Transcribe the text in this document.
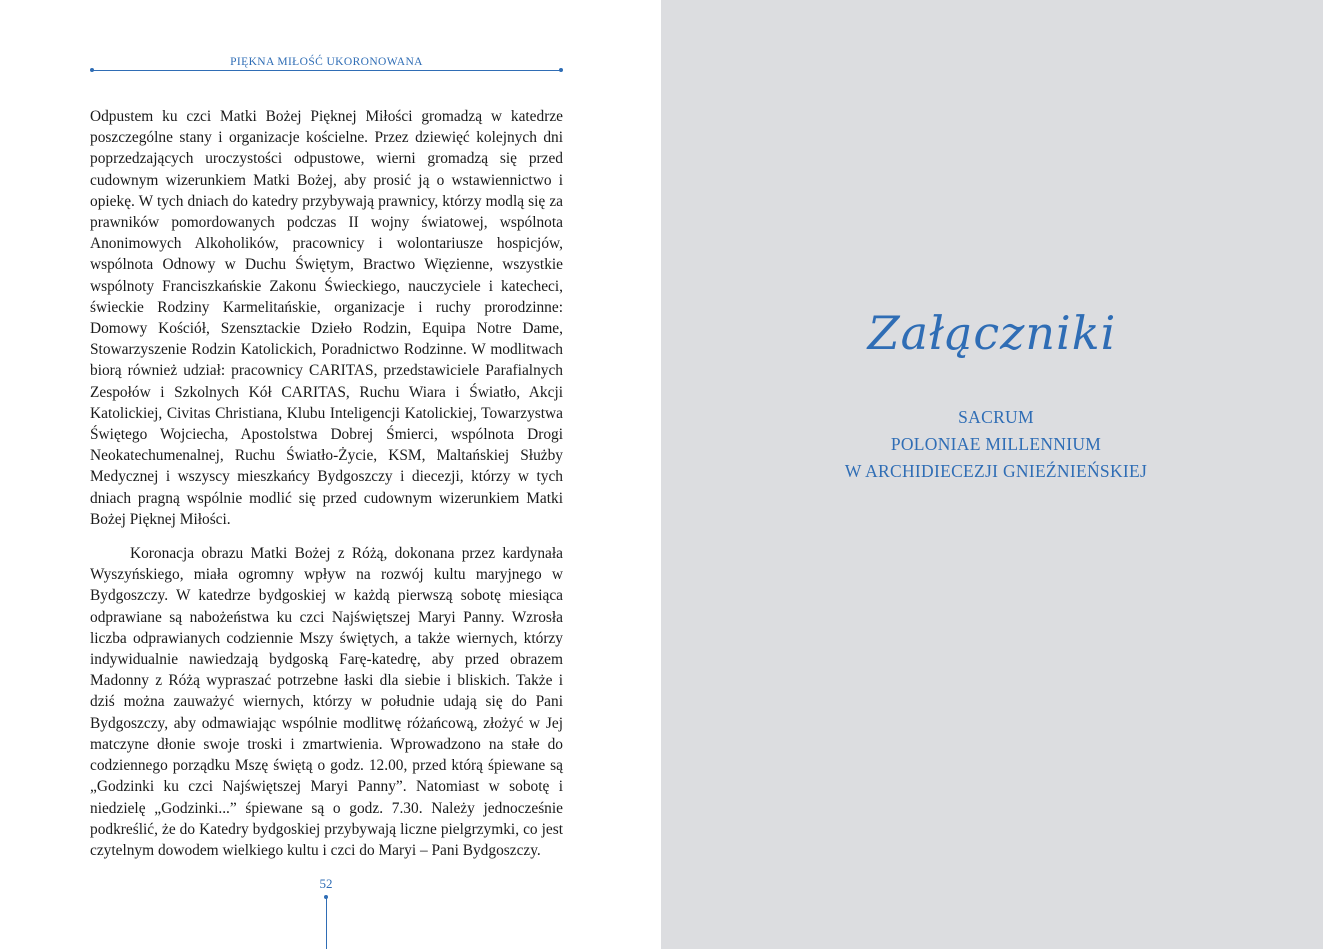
PIĘKNA MIŁOŚĆ UKORONOWANA

Odpustem ku czci Matki Bożej Pięknej Miłości gromadzą w katedrze poszczególne stany i organizacje kościelne. Przez dziewięć kolejnych dni poprzedzających uroczystości odpustowe, wierni gromadzą się przed cudownym wizerunkiem Matki Bożej, aby prosić ją o wstawiennictwo i opiekę. W tych dniach do katedry przybywają prawnicy, którzy modlą się za prawników pomordowanych podczas II wojny światowej, wspólnota Anonimowych Alkoholików, pracownicy i wolontariusze hospicjów, wspólnota Odnowy w Duchu Świętym, Bractwo Więzienne, wszystkie wspólnoty Franciszkańskie Zakonu Świeckiego, nauczyciele i katecheci, świeckie Rodziny Karmelitańskie, organizacje i ruchy prorodzinne: Domowy Kościół, Szensztackie Dzieło Rodzin, Equipa Notre Dame, Stowarzyszenie Rodzin Katolickich, Poradnictwo Rodzinne. W modlitwach biorą również udział: pracownicy CARITAS, przedstawiciele Parafialnych Zespołów i Szkolnych Kół CARITAS, Ruchu Wiara i Światło, Akcji Katolickiej, Civitas Christiana, Klubu Inteligencji Katolickiej, Towarzystwa Świętego Wojciecha, Apostolstwa Dobrej Śmierci, wspólnota Drogi Neokatechumenalnej, Ruchu Światło-Życie, KSM, Maltańskiej Służby Medycznej i wszyscy mieszkańcy Bydgoszczy i diecezji, którzy w tych dniach pragną wspólnie modlić się przed cudownym wizerunkiem Matki Bożej Pięknej Miłości.

Koronacja obrazu Matki Bożej z Różą, dokonana przez kardynała Wyszyńskiego, miała ogromny wpływ na rozwój kultu maryjnego w Bydgoszczy. W katedrze bydgoskiej w każdą pierwszą sobotę miesiąca odprawiane są nabożeństwa ku czci Najświętszej Maryi Panny. Wzrosła liczba odprawianych codziennie Mszy świętych, a także wiernych, którzy indywidualnie nawiedzają bydgoską Farę-katedrę, aby przed obrazem Madonny z Różą wypraszać potrzebne łaski dla siebie i bliskich. Także i dziś można zauważyć wiernych, którzy w południe udają się do Pani Bydgoszczy, aby odmawiając wspólnie modlitwę różańcową, złożyć w Jej matczyne dłonie swoje troski i zmartwienia. Wprowadzono na stałe do codziennego porządku Mszę świętą o godz. 12.00, przed którą śpiewane są „Godzinki ku czci Najświętszej Maryi Panny”. Natomiast w sobotę i niedzielę „Godzinki...” śpiewane są o godz. 7.30. Należy jednocześnie podkreślić, że do Katedry bydgoskiej przybywają liczne pielgrzymki, co jest czytelnym dowodem wielkiego kultu i czci do Maryi – Pani Bydgoszczy.

52
Załączniki
SACRUM
POLONIAE MILLENNIUM
W ARCHIDIECEZJI GNIEŹNIEŃSKIEJ
